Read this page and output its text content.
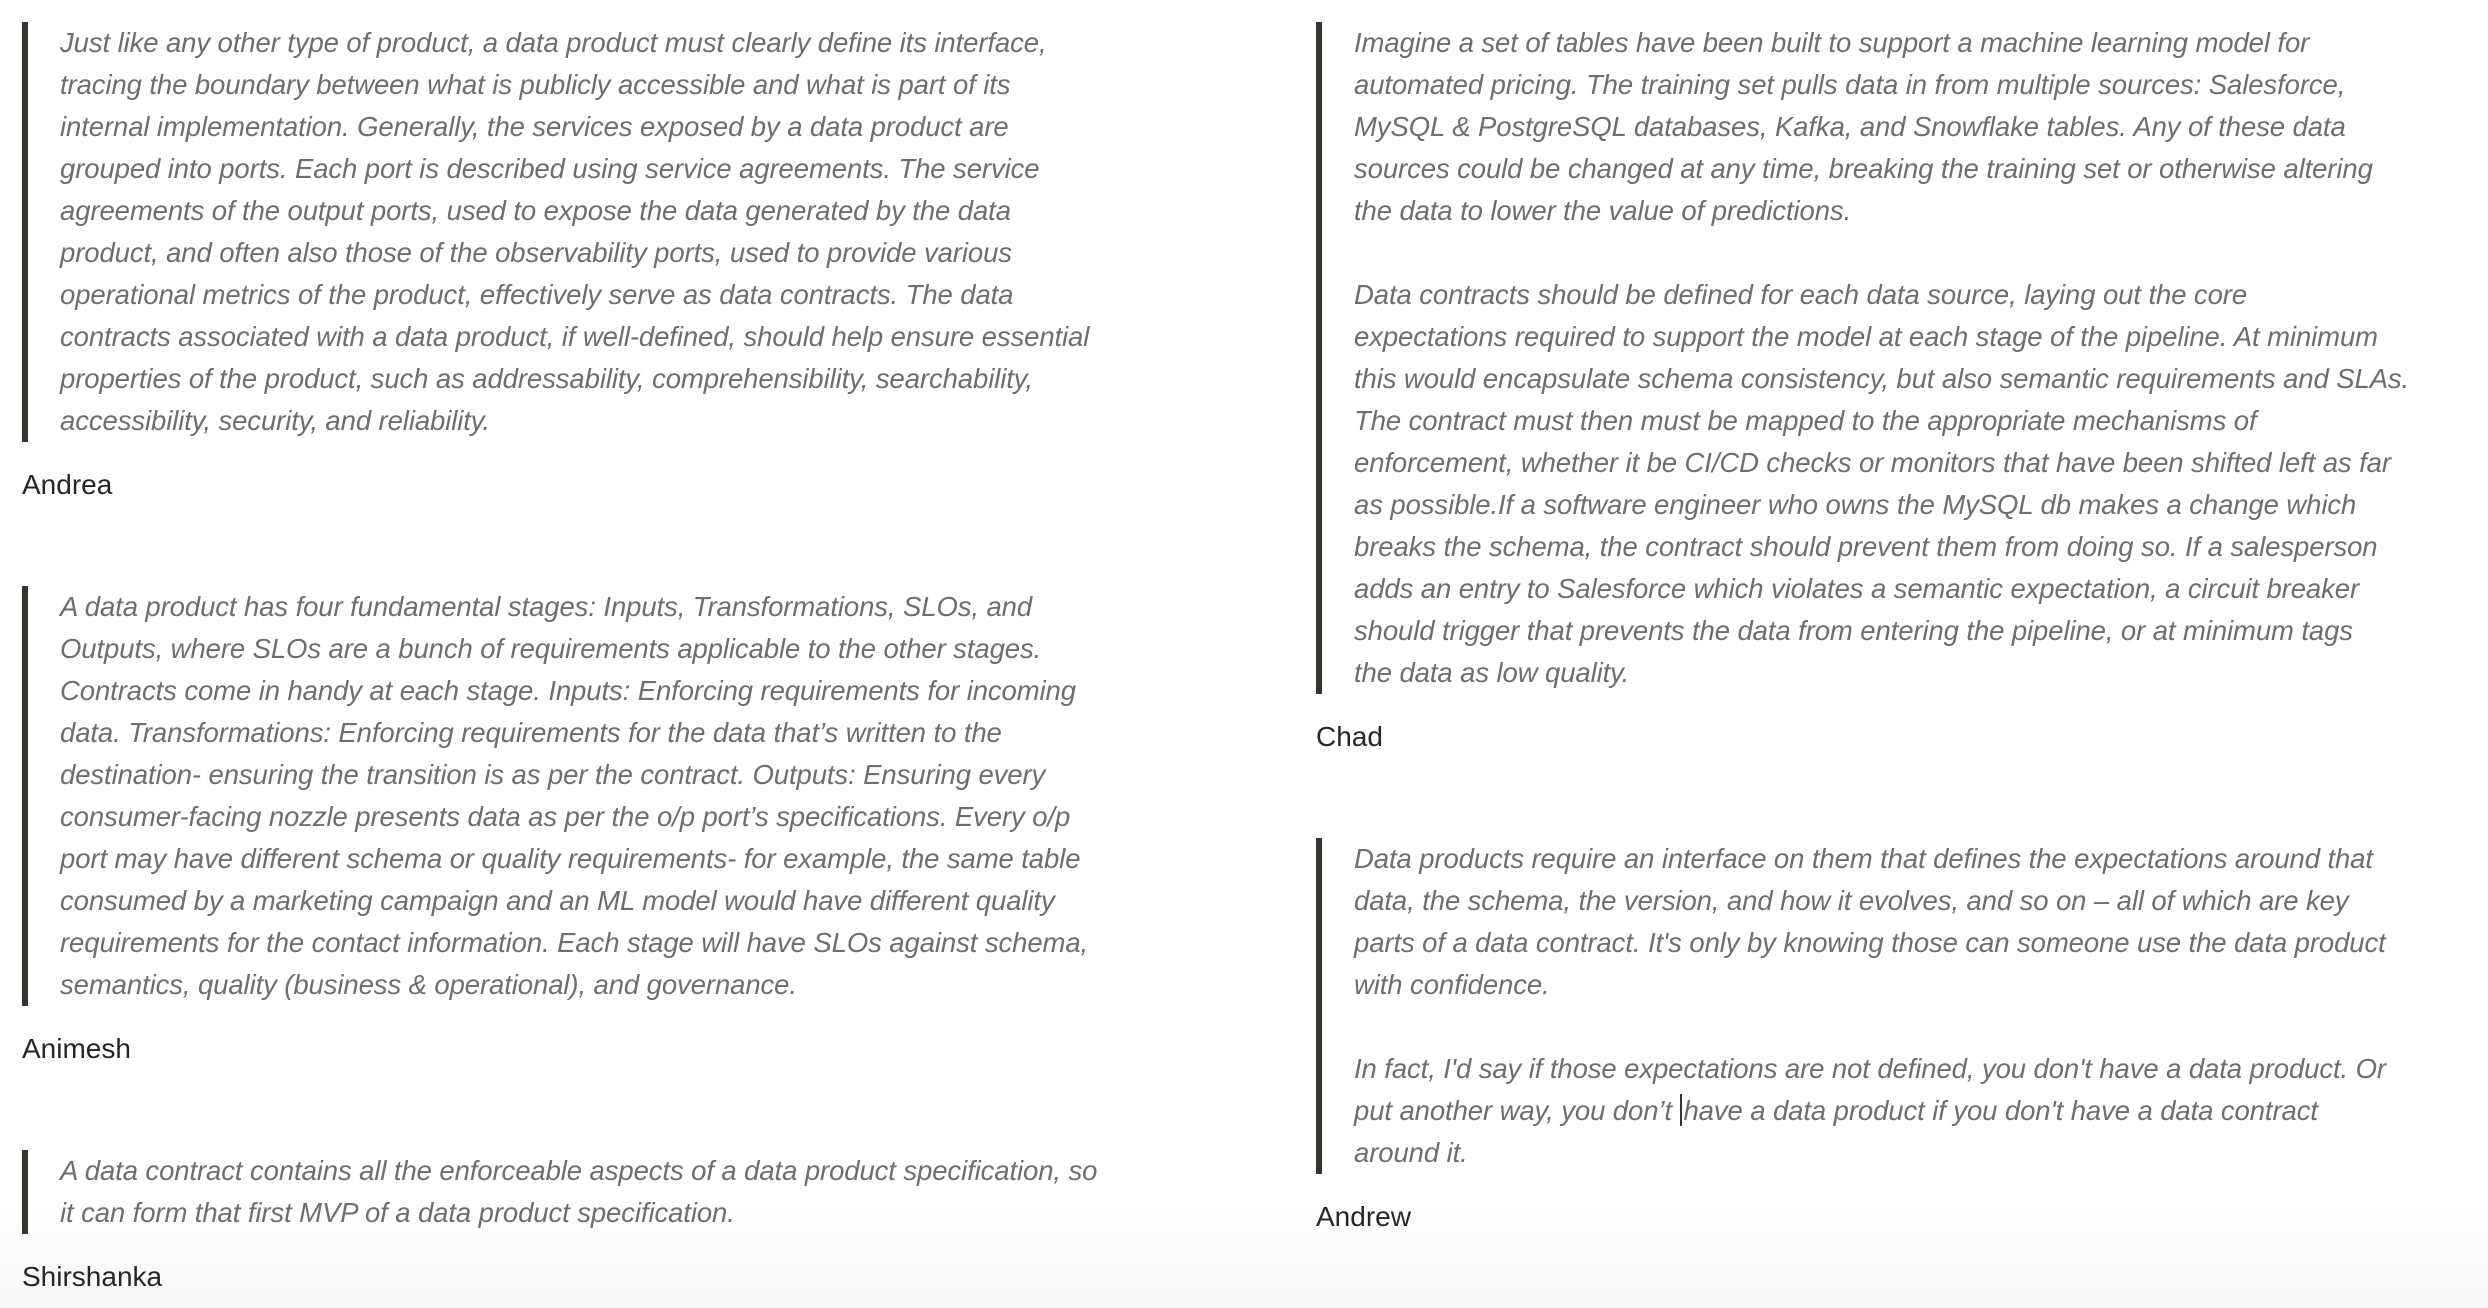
Just like any other type of product, a data product must clearly define its interface,
tracing the boundary between what is publicly accessible and what is part of its
internal implementation. Generally, the services exposed by a data product are
grouped into ports. Each port is described using service agreements. The service
agreements of the output ports, used to expose the data generated by the data
product, and often also those of the observability ports, used to provide various
operational metrics of the product, effectively serve as data contracts. The data
contracts associated with a data product, if well-defined, should help ensure essential
properties of the product, such as addressability, comprehensibility, searchability,
accessibility, security, and reliability.
Andrea
A data product has four fundamental stages: Inputs, Transformations, SLOs, and
Outputs, where SLOs are a bunch of requirements applicable to the other stages.
Contracts come in handy at each stage. Inputs: Enforcing requirements for incoming
data. Transformations: Enforcing requirements for the data that’s written to the
destination- ensuring the transition is as per the contract. Outputs: Ensuring every
consumer-facing nozzle presents data as per the o/p port’s specifications. Every o/p
port may have different schema or quality requirements- for example, the same table
consumed by a marketing campaign and an ML model would have different quality
requirements for the contact information. Each stage will have SLOs against schema,
semantics, quality (business & operational), and governance.
Animesh
A data contract contains all the enforceable aspects of a data product specification, so
it can form that first MVP of a data product specification.
Shirshanka
Imagine a set of tables have been built to support a machine learning model for
automated pricing. The training set pulls data in from multiple sources: Salesforce,
MySQL & PostgreSQL databases, Kafka, and Snowflake tables. Any of these data
sources could be changed at any time, breaking the training set or otherwise altering
the data to lower the value of predictions.
Data contracts should be defined for each data source, laying out the core
expectations required to support the model at each stage of the pipeline. At minimum
this would encapsulate schema consistency, but also semantic requirements and SLAs.
The contract must then must be mapped to the appropriate mechanisms of
enforcement, whether it be CI/CD checks or monitors that have been shifted left as far
as possible.If a software engineer who owns the MySQL db makes a change which
breaks the schema, the contract should prevent them from doing so. If a salesperson
adds an entry to Salesforce which violates a semantic expectation, a circuit breaker
should trigger that prevents the data from entering the pipeline, or at minimum tags
the data as low quality.
Chad
Data products require an interface on them that defines the expectations around that
data, the schema, the version, and how it evolves, and so on – all of which are key
parts of a data contract. It's only by knowing those can someone use the data product
with confidence.
In fact, I'd say if those expectations are not defined, you don't have a data product. Or
put another way, you don’t have a data product if you don't have a data contract
around it.
Andrew
